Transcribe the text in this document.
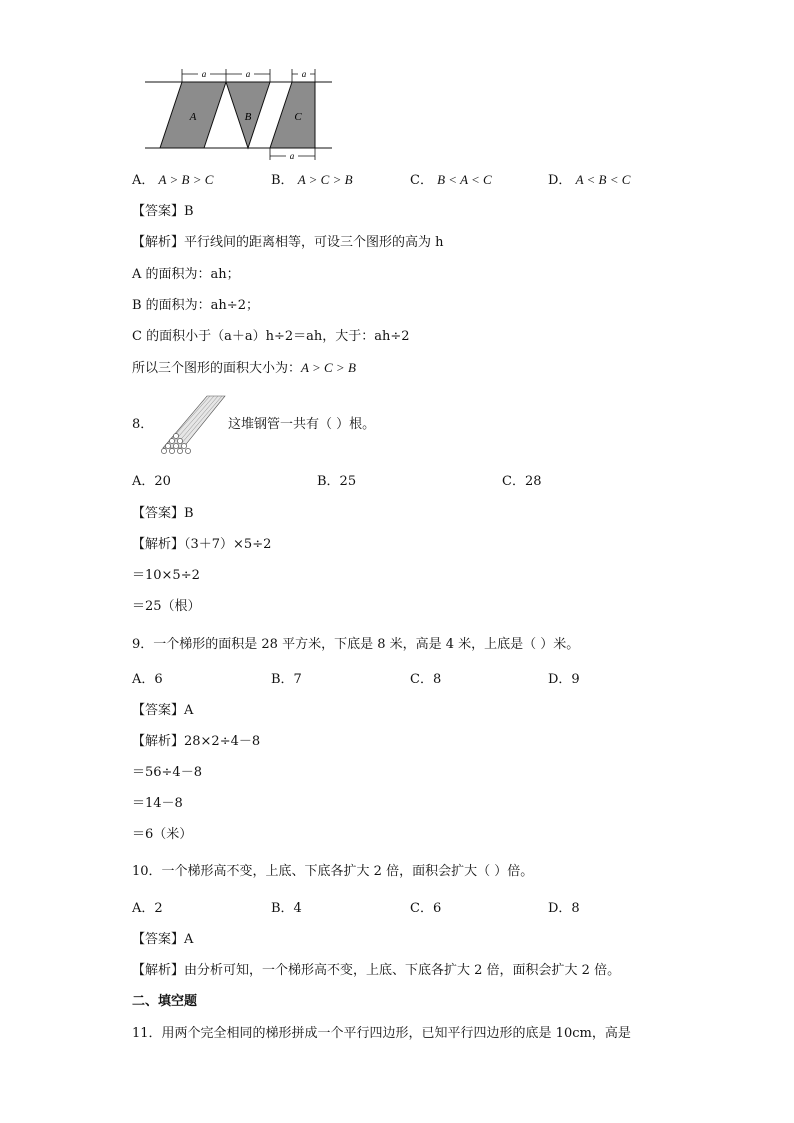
a	a	a
a
A	B	C
A． A > B > C	B． A > C > B	C． B < A < C	D． A < B < C
【答案】B
【解析】平行线间的距离相等，可设三个图形的高为 h
A 的面积为：ah；
B 的面积为：ah÷2；
C 的面积小于（a＋a）h÷2＝ah，大于：ah÷2
所以三个图形的面积大小为：A > C > B
8．	这堆钢管一共有（ ）根。
A．20	B．25	C．28
【答案】B
【解析】（3＋7）×5÷2
＝10×5÷2
＝25（根）
9．一个梯形的面积是 28 平方米，下底是 8 米，高是 4 米，上底是（ ）米。
A．6	B．7	C．8	D．9
【答案】A
【解析】28×2÷4－8
＝56÷4－8
＝14－8
＝6（米）
10．一个梯形高不变，上底、下底各扩大 2 倍，面积会扩大（ ）倍。
A．2	B．4	C．6	D．8
【答案】A
【解析】由分析可知，一个梯形高不变，上底、下底各扩大 2 倍，面积会扩大 2 倍。
二、填空题
11．用两个完全相同的梯形拼成一个平行四边形，已知平行四边形的底是 10cm，高是
